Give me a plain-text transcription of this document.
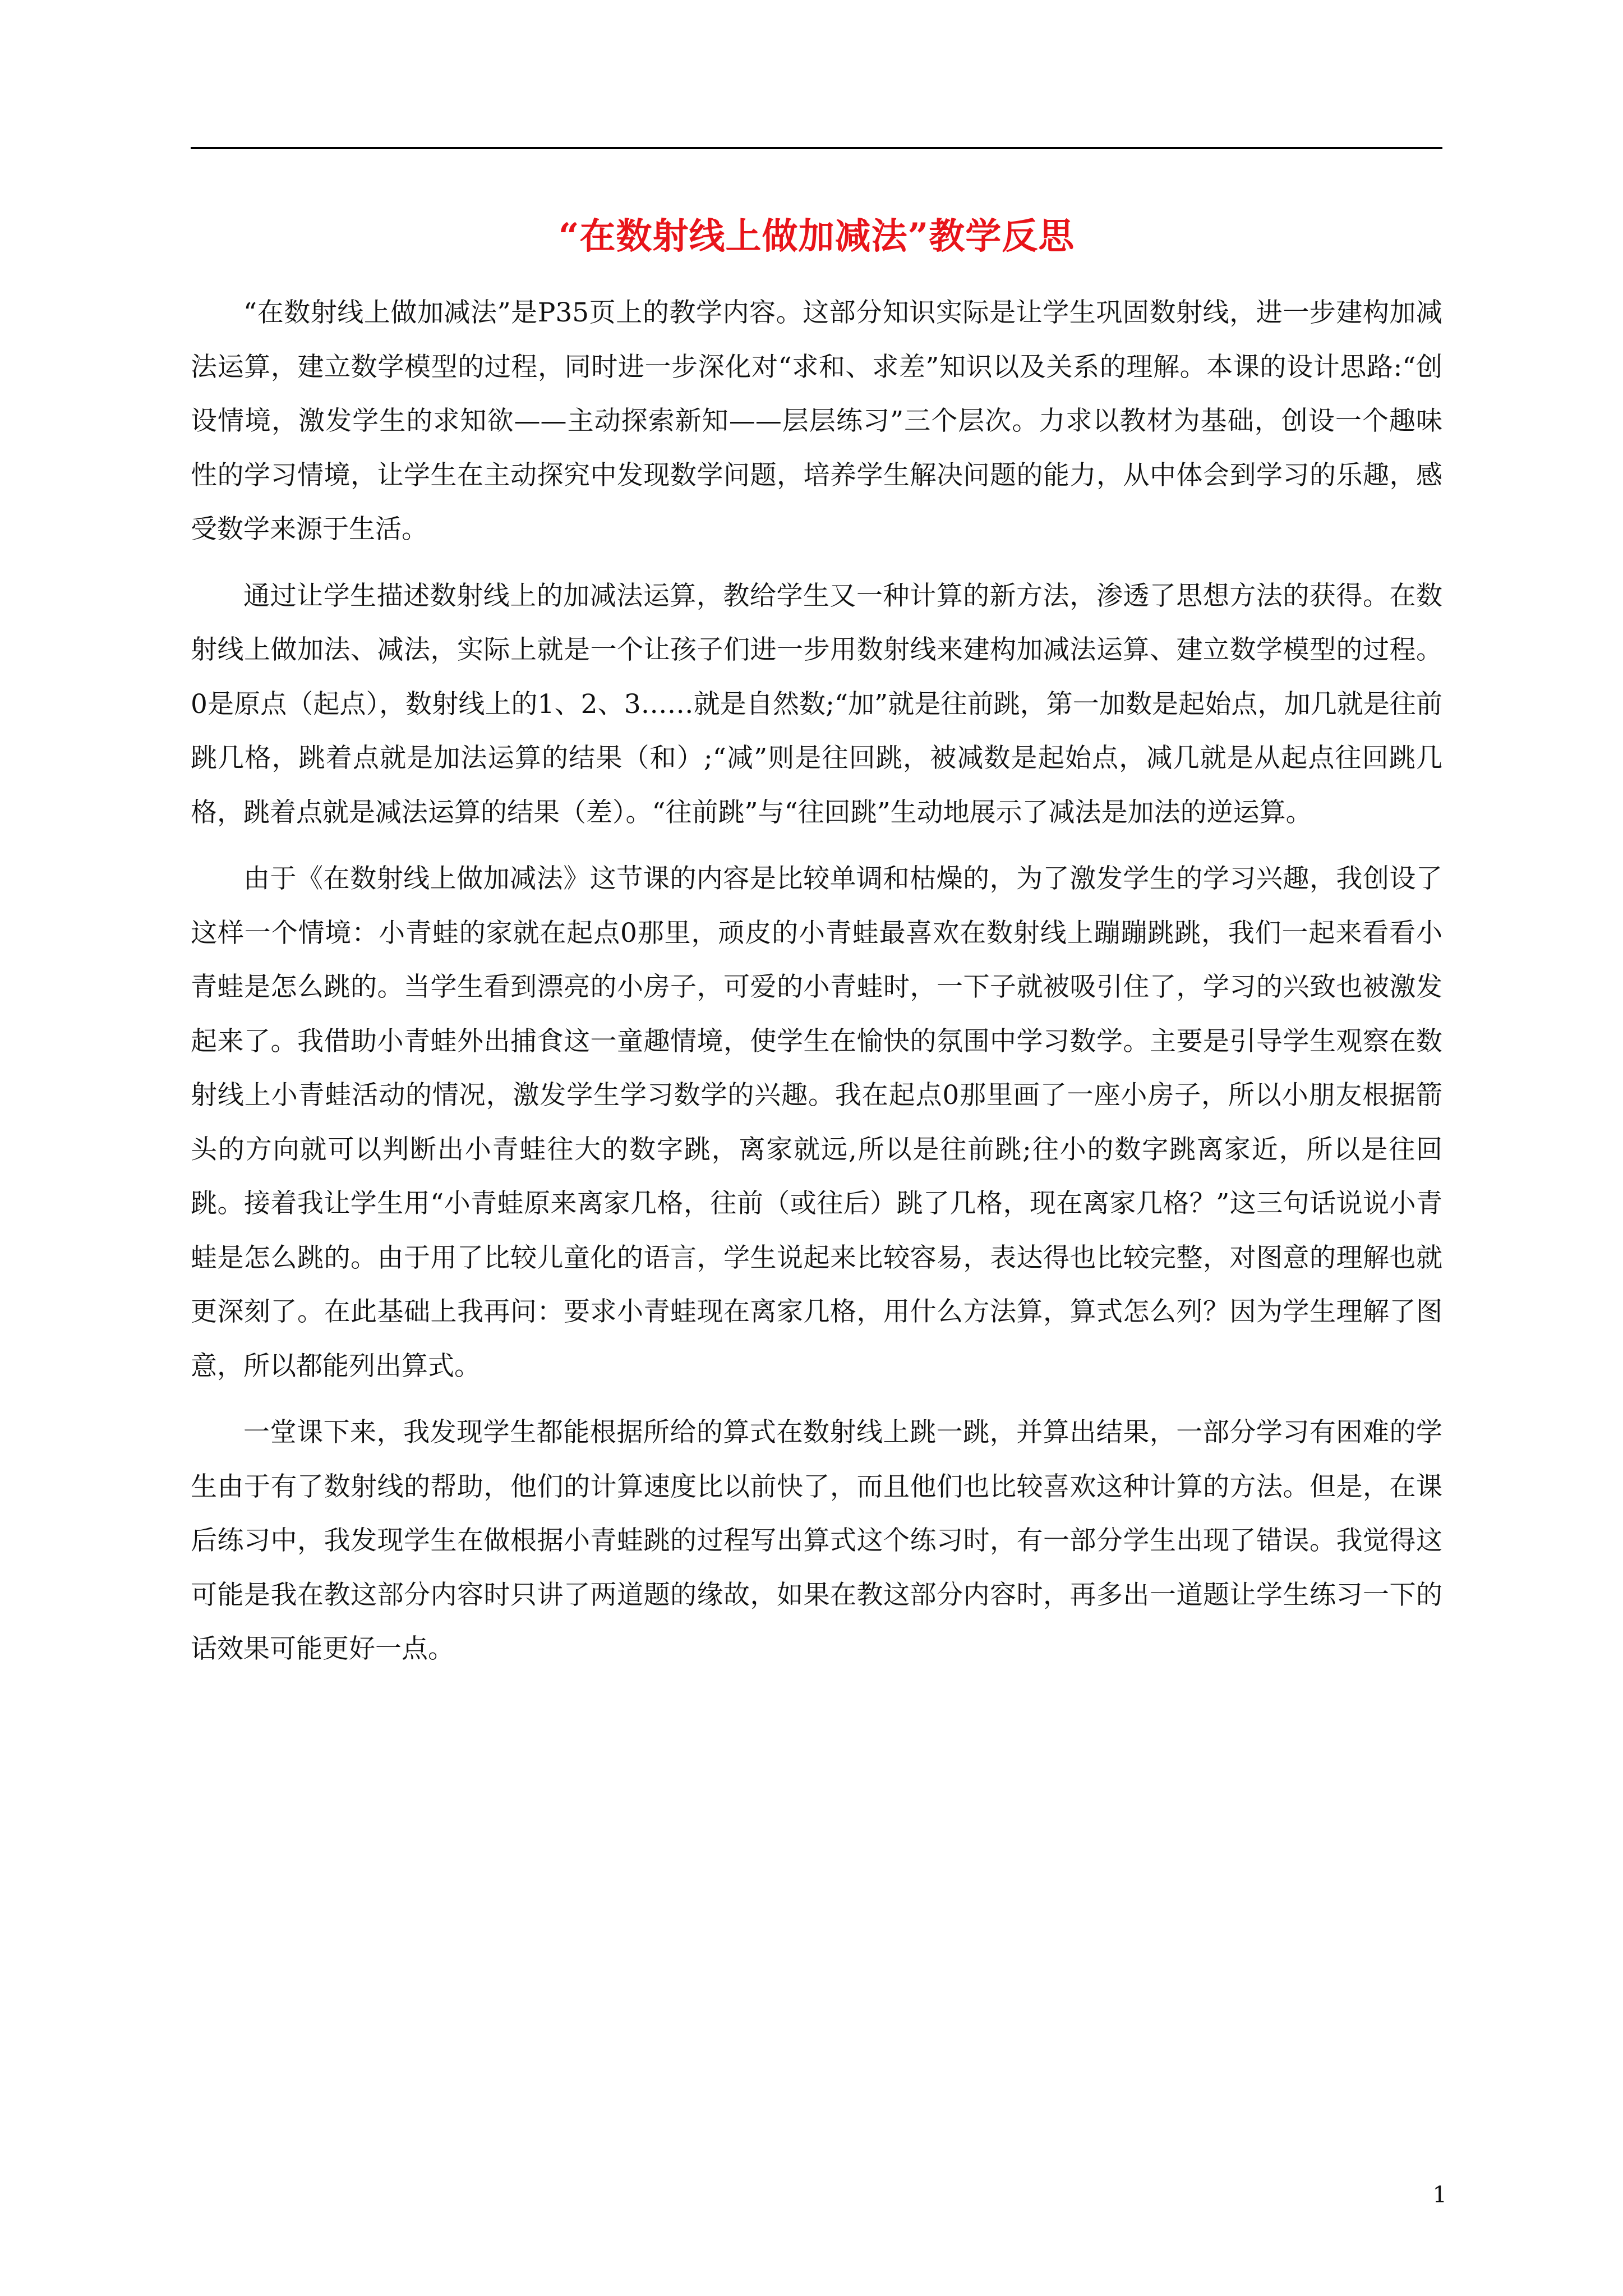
“在数射线上做加减法”教学反思

“在数射线上做加减法”是P35页上的教学内容。这部分知识实际是让学生巩固数射线，进一步建构加减法运算，建立数学模型的过程，同时进一步深化对“求和、求差”知识以及关系的理解。本课的设计思路:“创设情境，激发学生的求知欲——主动探索新知——层层练习”三个层次。力求以教材为基础，创设一个趣味性的学习情境，让学生在主动探究中发现数学问题，培养学生解决问题的能力，从中体会到学习的乐趣，感受数学来源于生活。

通过让学生描述数射线上的加减法运算，教给学生又一种计算的新方法，渗透了思想方法的获得。在数射线上做加法、减法，实际上就是一个让孩子们进一步用数射线来建构加减法运算、建立数学模型的过程。0是原点（起点），数射线上的1、2、3……就是自然数;“加”就是往前跳，第一加数是起始点，加几就是往前跳几格，跳着点就是加法运算的结果（和）;“减”则是往回跳，被减数是起始点，减几就是从起点往回跳几格，跳着点就是减法运算的结果（差）。“往前跳”与“往回跳”生动地展示了减法是加法的逆运算。

由于《在数射线上做加减法》这节课的内容是比较单调和枯燥的，为了激发学生的学习兴趣，我创设了这样一个情境：小青蛙的家就在起点0那里，顽皮的小青蛙最喜欢在数射线上蹦蹦跳跳，我们一起来看看小青蛙是怎么跳的。当学生看到漂亮的小房子，可爱的小青蛙时，一下子就被吸引住了，学习的兴致也被激发起来了。我借助小青蛙外出捕食这一童趣情境，使学生在愉快的氛围中学习数学。主要是引导学生观察在数射线上小青蛙活动的情况，激发学生学习数学的兴趣。我在起点0那里画了一座小房子，所以小朋友根据箭头的方向就可以判断出小青蛙往大的数字跳，离家就远,所以是往前跳;往小的数字跳离家近，所以是往回跳。接着我让学生用“小青蛙原来离家几格，往前（或往后）跳了几格，现在离家几格？”这三句话说说小青蛙是怎么跳的。由于用了比较儿童化的语言，学生说起来比较容易，表达得也比较完整，对图意的理解也就更深刻了。在此基础上我再问：要求小青蛙现在离家几格，用什么方法算，算式怎么列？因为学生理解了图意，所以都能列出算式。

一堂课下来，我发现学生都能根据所给的算式在数射线上跳一跳，并算出结果，一部分学习有困难的学生由于有了数射线的帮助，他们的计算速度比以前快了，而且他们也比较喜欢这种计算的方法。但是，在课后练习中，我发现学生在做根据小青蛙跳的过程写出算式这个练习时，有一部分学生出现了错误。我觉得这可能是我在教这部分内容时只讲了两道题的缘故，如果在教这部分内容时，再多出一道题让学生练习一下的话效果可能更好一点。

1
